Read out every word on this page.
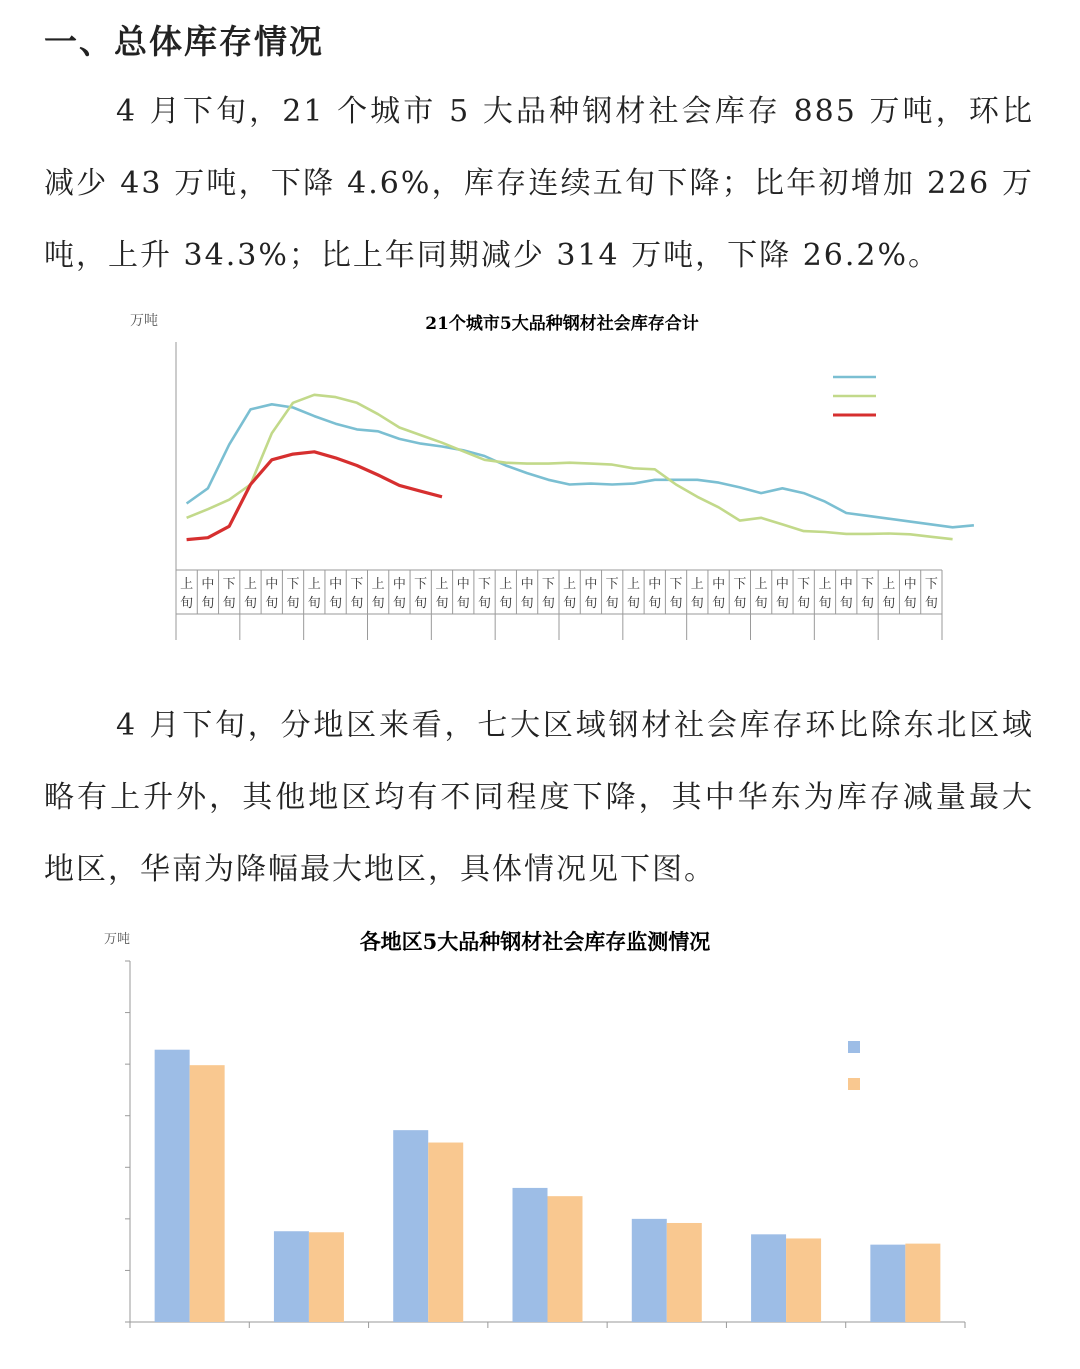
一、总体库存情况

4 月下旬，21 个城市 5 大品种钢材社会库存 885 万吨，环比减少 43 万吨，下降 4.6%，库存连续五旬下降；比年初增加 226 万吨，上升 34.3%；比上年同期减少 314 万吨，下降 26.2%。

21个城市5大品种钢材社会库存合计
万吨
上
旬
中
旬
下
旬
上
旬
中
旬
下
旬
上
旬
中
旬
下
旬
上
旬
中
旬
下
旬
上
旬
中
旬
下
旬
上
旬
中
旬
下
旬
上
旬
中
旬
下
旬
上
旬
中
旬
下
旬
上
旬
中
旬
下
旬
上
旬
中
旬
下
旬
上
旬
中
旬
下
旬
上
旬
中
旬
下
旬

4 月下旬，分地区来看，七大区域钢材社会库存环比除东北区域略有上升外，其他地区均有不同程度下降，其中华东为库存减量最大地区，华南为降幅最大地区，具体情况见下图。

各地区5大品种钢材社会库存监测情况
万吨
